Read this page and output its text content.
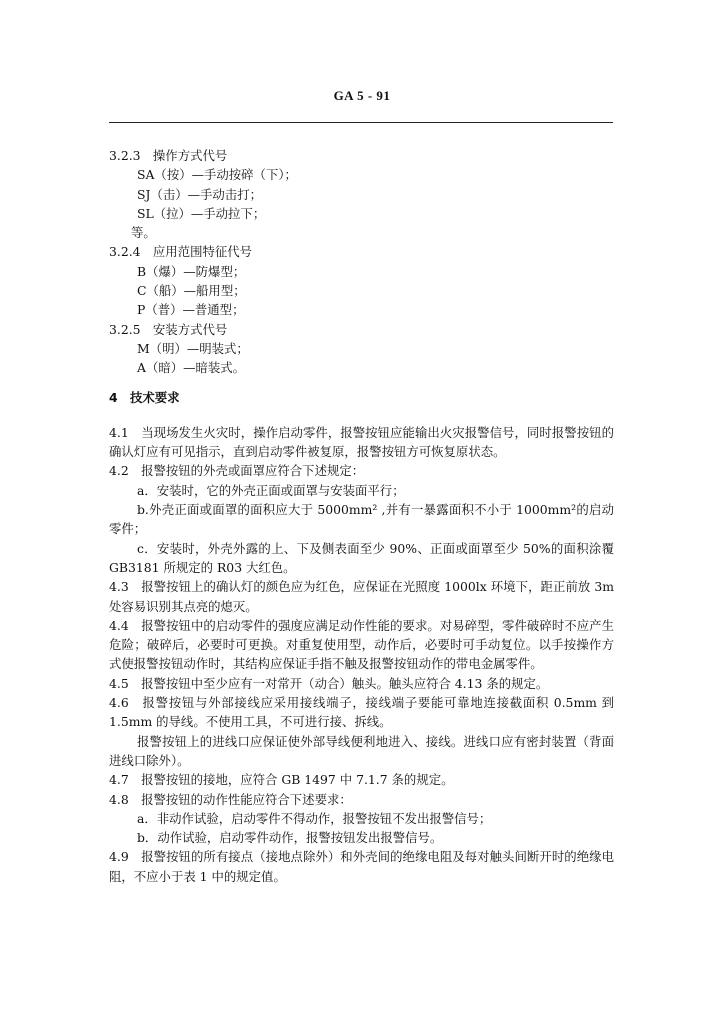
GA 5 - 91
3.2.3　操作方式代号
SA（按）—手动按碎（下）；
SJ（击）—手动击打；
SL（拉）—手动拉下；
等。
3.2.4　应用范围特征代号
B（爆）—防爆型；
C（船）—船用型；
P（普）—普通型；
3.2.5　安装方式代号
M（明）—明装式；
A（暗）—暗装式。
4　技术要求
4.1　当现场发生火灾时，操作启动零件，报警按钮应能输出火灾报警信号，同时报警按钮的确认灯应有可见指示，直到启动零件被复原，报警按钮方可恢复原状态。
4.2　报警按钮的外壳或面罩应符合下述规定：
a．安装时，它的外壳正面或面罩与安装面平行；
b.外壳正面或面罩的面积应大于 5000mm² ,并有一暴露面积不小于 1000mm²的启动零件；
c．安装时，外壳外露的上、下及侧表面至少 90%、正面或面罩至少 50%的面积涂覆 GB3181 所规定的 R03 大红色。
4.3　报警按钮上的确认灯的颜色应为红色，应保证在光照度 1000lx 环境下，距正前放 3m 处容易识别其点亮的熄灭。
4.4　报警按钮中的启动零件的强度应满足动作性能的要求。对易碎型，零件破碎时不应产生危险；破碎后，必要时可更换。对重复使用型，动作后，必要时可手动复位。以手按操作方式使报警按钮动作时，其结构应保证手指不触及报警按钮动作的带电金属零件。
4.5　报警按钮中至少应有一对常开（动合）触头。触头应符合 4.13 条的规定。
4.6　报警按钮与外部接线应采用接线端子，接线端子要能可靠地连接截面积 0.5mm 到 1.5mm 的导线。不使用工具，不可进行接、拆线。
报警按钮上的进线口应保证使外部导线便利地进入、接线。进线口应有密封装置（背面进线口除外）。
4.7　报警按钮的接地，应符合 GB 1497 中 7.1.7 条的规定。
4.8　报警按钮的动作性能应符合下述要求：
a．非动作试验，启动零件不得动作，报警按钮不发出报警信号；
b．动作试验，启动零件动作，报警按钮发出报警信号。
4.9　报警按钮的所有接点（接地点除外）和外壳间的绝缘电阻及每对触头间断开时的绝缘电阻，不应小于表 1 中的规定值。
